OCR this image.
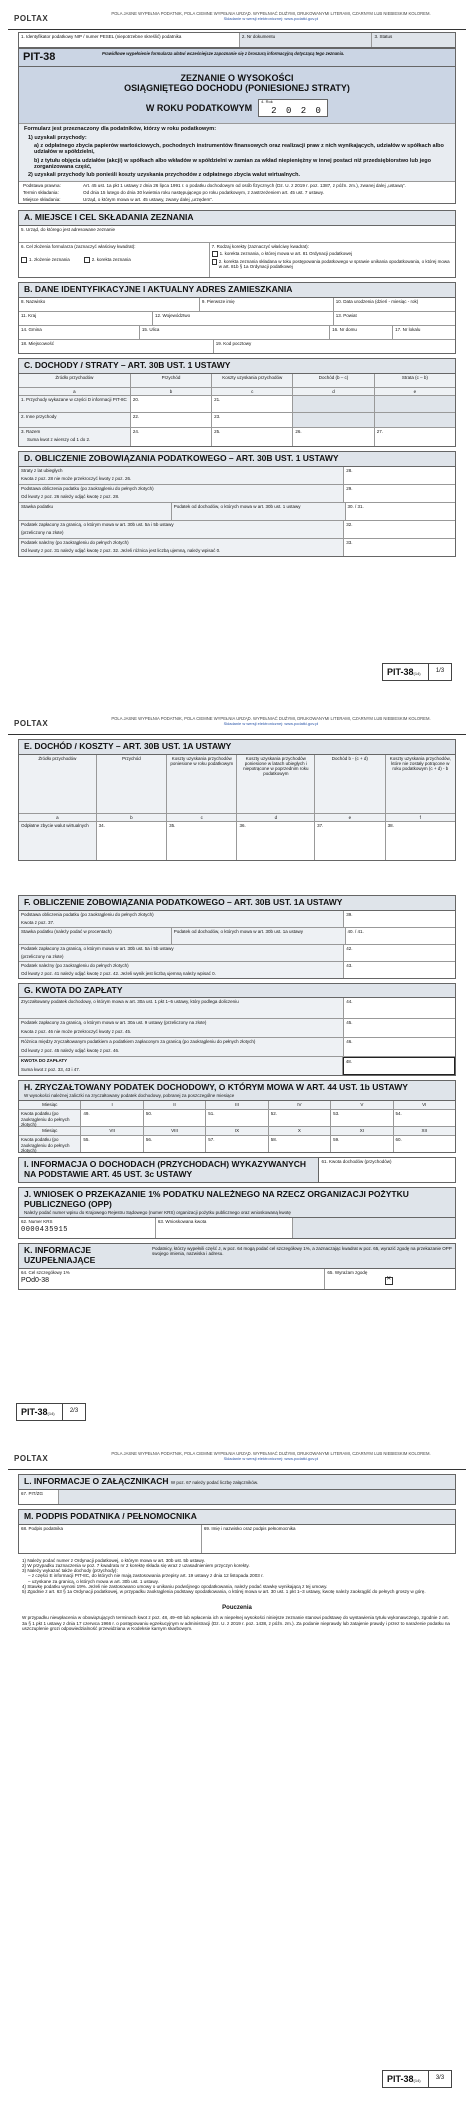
POLTAX
POLA JASNE WYPEŁNIA PODATNIK, POLA CIEMNE WYPEŁNIA URZĄD. WYPEŁNIAĆ DUŻYMI, DRUKOWANYMI LITERAMI, CZARNYM LUB NIEBIESKIM KOLOREM.
Składanie w wersji elektronicznej: www.podatki.gov.pl
1. Identyfikator podatkowy NIP / numer PESEL (niepotrzebne skreślić) podatnika	2. Nr dokumentu	3. Status
PIT-38	Prawidłowe wypełnienie formularza ułatwi wcześniejsze zapoznanie się z broszurą informacyjną dotyczącą tego zeznania.
ZEZNANIE O WYSOKOŚCI
OSIĄGNIĘTEGO DOCHODU (PONIESIONEJ STRATY)
W ROKU PODATKOWYM
4. Rok
2 0 2 0
Formularz jest przeznaczony dla podatników, którzy w roku podatkowym:
1) uzyskali przychody:
a) z odpłatnego zbycia papierów wartościowych, pochodnych instrumentów finansowych oraz realizacji praw z nich wynikających, udziałów w spółkach albo udziałów w spółdzielni,
b) z tytułu objęcia udziałów (akcji) w spółkach albo wkładów w spółdzielni w zamian za wkład niepieniężny w innej postaci niż przedsiębiorstwo lub jego zorganizowana część,
2) uzyskali przychody lub ponieśli koszty uzyskania przychodów z odpłatnego zbycia walut wirtualnych.
Podstawa prawna:	Art. 45 ust. 1a pkt 1 ustawy z dnia 26 lipca 1991 r. o podatku dochodowym od osób fizycznych (Dz. U. z 2019 r. poz. 1387, z późn. zm.), zwanej dalej „ustawą”.
Termin składania:	Od dnia 15 lutego do dnia 30 kwietnia roku następującego po roku podatkowym, z zastrzeżeniem art. 45 ust. 7 ustawy.
Miejsce składania:	Urząd, o którym mowa w art. 45 ustawy, zwany dalej „urzędem”.
A. MIEJSCE I CEL SKŁADANIA ZEZNANIA
5. Urząd, do którego jest adresowane zeznanie
6. Cel złożenia formularza (zaznaczyć właściwy kwadrat):
1. złożenie zeznania	2. korekta zeznania
7. Rodzaj korekty (zaznaczyć właściwy kwadrat):
1. korekta zeznania, o której mowa w art. 81 Ordynacji podatkowej
2. korekta zeznania składana w toku postępowania podatkowego w sprawie unikania opodatkowania, o której mowa w art. 81b § 1a Ordynacji podatkowej
B. DANE IDENTYFIKACYJNE I AKTUALNY ADRES ZAMIESZKANIA
8. Nazwisko	9. Pierwsze imię	10. Data urodzenia (dzień - miesiąc - rok)
11. Kraj	12. Województwo	13. Powiat
14. Gmina	15. Ulica	16. Nr domu	17. Nr lokalu
18. Miejscowość	19. Kod pocztowy
C. DOCHODY / STRATY – ART. 30B UST. 1 USTAWY
Źródło przychodów	Przychód	Koszty uzyskania przychodów	Dochód (b – c)	Strata (c – b)
a	b	c	d	e
1. Przychody wykazane w części D informacji PIT-8C	20.	21.
2. Inne przychody	22.	23.
3. Razem
Suma kwot z wierszy od 1 do 2.
24.	25.	26.	27.
D. OBLICZENIE ZOBOWIĄZANIA PODATKOWEGO – ART. 30B UST. 1 USTAWY
Straty z lat ubiegłych
Kwota z poz. 28 nie może przekroczyć kwoty z poz. 26.
28.
Podstawa obliczenia podatku (po zaokrągleniu do pełnych złotych)
Od kwoty z poz. 26 należy odjąć kwotę z poz. 28.
29.
Stawka podatku	Podatek od dochodów, o których mowa w art. 30b ust. 1 ustawy	30. / 31.
Podatek zapłacony za granicą, o którym mowa w art. 30b ust. 5a i 5b ustawy
(przeliczony na złote)
32.
Podatek należny (po zaokrągleniu do pełnych złotych)
Od kwoty z poz. 31 należy odjąć kwotę z poz. 32. Jeżeli różnica jest liczbą ujemną, należy wpisać 0.
33.
PIT-38(14)	1/3
POLTAX
POLA JASNE WYPEŁNIA PODATNIK, POLA CIEMNE WYPEŁNIA URZĄD. WYPEŁNIAĆ DUŻYMI, DRUKOWANYMI LITERAMI, CZARNYM LUB NIEBIESKIM KOLOREM.
Składanie w wersji elektronicznej: www.podatki.gov.pl
E. DOCHÓD / KOSZTY – ART. 30B UST. 1A USTAWY
Źródło przychodów	Przychód	Koszty uzyskania przychodów poniesione w roku podatkowym
Koszty uzyskania przychodów poniesione w latach ubiegłych i niepotrącone w poprzednim roku podatkowym
Dochód b - (c + d)	Koszty uzyskania przychodów, które nie zostały potrącone w roku podatkowym (c + d) - b
a	b	c	d	e	f
Odpłatne zbycie walut wirtualnych	34.	35.	36.	37.	38.
F. OBLICZENIE ZOBOWIĄZANIA PODATKOWEGO – ART. 30B UST. 1A USTAWY
Podstawa obliczenia podatku (po zaokrągleniu do pełnych złotych)
Kwota z poz. 37.
39.
Stawka podatku (należy podać w procentach)	Podatek od dochodów, o których mowa w art. 30b ust. 1a ustawy	40. / 41.
Podatek zapłacony za granicą, o którym mowa w art. 30b ust. 5a i 5b ustawy
(przeliczony na złote)
42.
Podatek należny (po zaokrągleniu do pełnych złotych)
Od kwoty z poz. 41 należy odjąć kwotę z poz. 42. Jeżeli wynik jest liczbą ujemną należy wpisać 0.
43.
G. KWOTA DO ZAPŁATY
Zryczałtowany podatek dochodowy, o którym mowa w art. 30a ust. 1 pkt 1–5 ustawy, który podlega doliczeniu	44.
Podatek zapłacony za granicą, o którym mowa w art. 30a ust. 9 ustawy (przeliczony na złote)
Kwota z poz. 46 nie może przekroczyć kwoty z poz. 45.
45.
Różnica między zryczałtowanym podatkiem a podatkiem zapłaconym za granicą (po zaokrągleniu do pełnych złotych)
Od kwoty z poz. 45 należy odjąć kwotę z poz. 46.
46.
KWOTA DO ZAPŁATY
Suma kwot z poz. 33, 43 i 47.
48.
H. ZRYCZAŁTOWANY PODATEK DOCHODOWY, O KTÓRYM MOWA W ART. 44 UST. 1b USTAWY
W wysokości należnej zaliczki na zryczałtowany podatek dochodowy, pobranej za poszczególne miesiące
Miesiąc	I	II	III	IV	V	VI
Kwota podatku (po zaokrągleniu do pełnych złotych)
49.	50.	51.	52.	53.	54.
Miesiąc	VII	VIII	IX	X	XI	XII
Kwota podatku (po zaokrągleniu do pełnych złotych)
55.	56.	57.	58.	59.	60.
I. INFORMACJA O DOCHODACH (PRZYCHODACH) WYKAZYWANYCH NA PODSTAWIE ART. 45 UST. 3c USTAWY
61. Kwota dochodów (przychodów)
J. WNIOSEK O PRZEKAZANIE 1% PODATKU NALEŻNEGO NA RZECZ ORGANIZACJI POŻYTKU PUBLICZNEGO (OPP)
Należy podać numer wpisu do Krajowego Rejestru Sądowego (numer KRS) organizacji pożytku publicznego oraz wnioskowaną kwotę
62. Numer KRS
0000435915
63. Wnioskowana kwota
K. INFORMACJE UZUPEŁNIAJĄCE
Podatnicy, którzy wypełnili część J, w poz. 64 mogą podać cel szczegółowy 1%, a zaznaczając kwadrat w poz. 65, wyrazić zgodę na przekazanie OPP swojego imienia, nazwiska i adresu.
64. Cel szczegółowy 1%
POd0-38
65. Wyrażam zgodę
✕
PIT-38(14)	2/3
POLTAX
POLA JASNE WYPEŁNIA PODATNIK, POLA CIEMNE WYPEŁNIA URZĄD. WYPEŁNIAĆ DUŻYMI, DRUKOWANYMI LITERAMI, CZARNYM LUB NIEBIESKIM KOLOREM.
Składanie w wersji elektronicznej: www.podatki.gov.pl
L. INFORMACJE O ZAŁĄCZNIKACH W poz. 67 należy podać liczbę załączników.
67. PIT/ZG
M. PODPIS PODATNIKA / PEŁNOMOCNIKA
68. Podpis podatnika	69. Imię i nazwisko oraz podpis pełnomocnika
1) Należy podać numer z Ordynacji podatkowej, o którym mowa w art. 30b ust. 5b ustawy.
2) W przypadku zaznaczenia w poz. 7 kwadratu nr 2 korektę składa się wraz z uzasadnieniem przyczyn korekty.
3) Należy wykazać także dochody (przychody):
– z części E informacji PIT-8C, do których nie mają zastosowania przepisy art. 19 ustawy z dnia 12 listopada 2003 r.
– uzyskane za granicą, o których mowa w art. 30b ust. 1 ustawy.
4) Stawkę podatku wynosi 19%. Jeżeli nie zastosowano umowy o unikaniu podwójnego opodatkowania, należy podać stawkę wynikającą z tej umowy.
5) Zgodnie z art. 63 § 1a Ordynacji podatkowej, w przypadku zaokrąglenia podstawy opodatkowania, o której mowa w art. 30 ust. 1 pkt 1–3 ustawy, kwotę należy zaokrąglić do pełnych groszy w górę.
Pouczenia
W przypadku niewpłacenia w obowiązujących terminach kwot z poz. 48, 49–60 lub wpłacenia ich w niepełnej wysokości niniejsze zeznanie stanowi podstawę do wystawienia tytułu wykonawczego, zgodnie z art. 3a § 1 pkt 1 ustawy z dnia 17 czerwca 1966 r. o postępowaniu egzekucyjnym w administracji (Dz. U. z 2019 r. poz. 1438, z późn. zm.). Za podanie nieprawdy lub zatajenie prawdy i przez to narażenie podatku na uszczuplenie grozi odpowiedzialność przewidziana w Kodeksie karnym skarbowym.
PIT-38(14)	3/3
